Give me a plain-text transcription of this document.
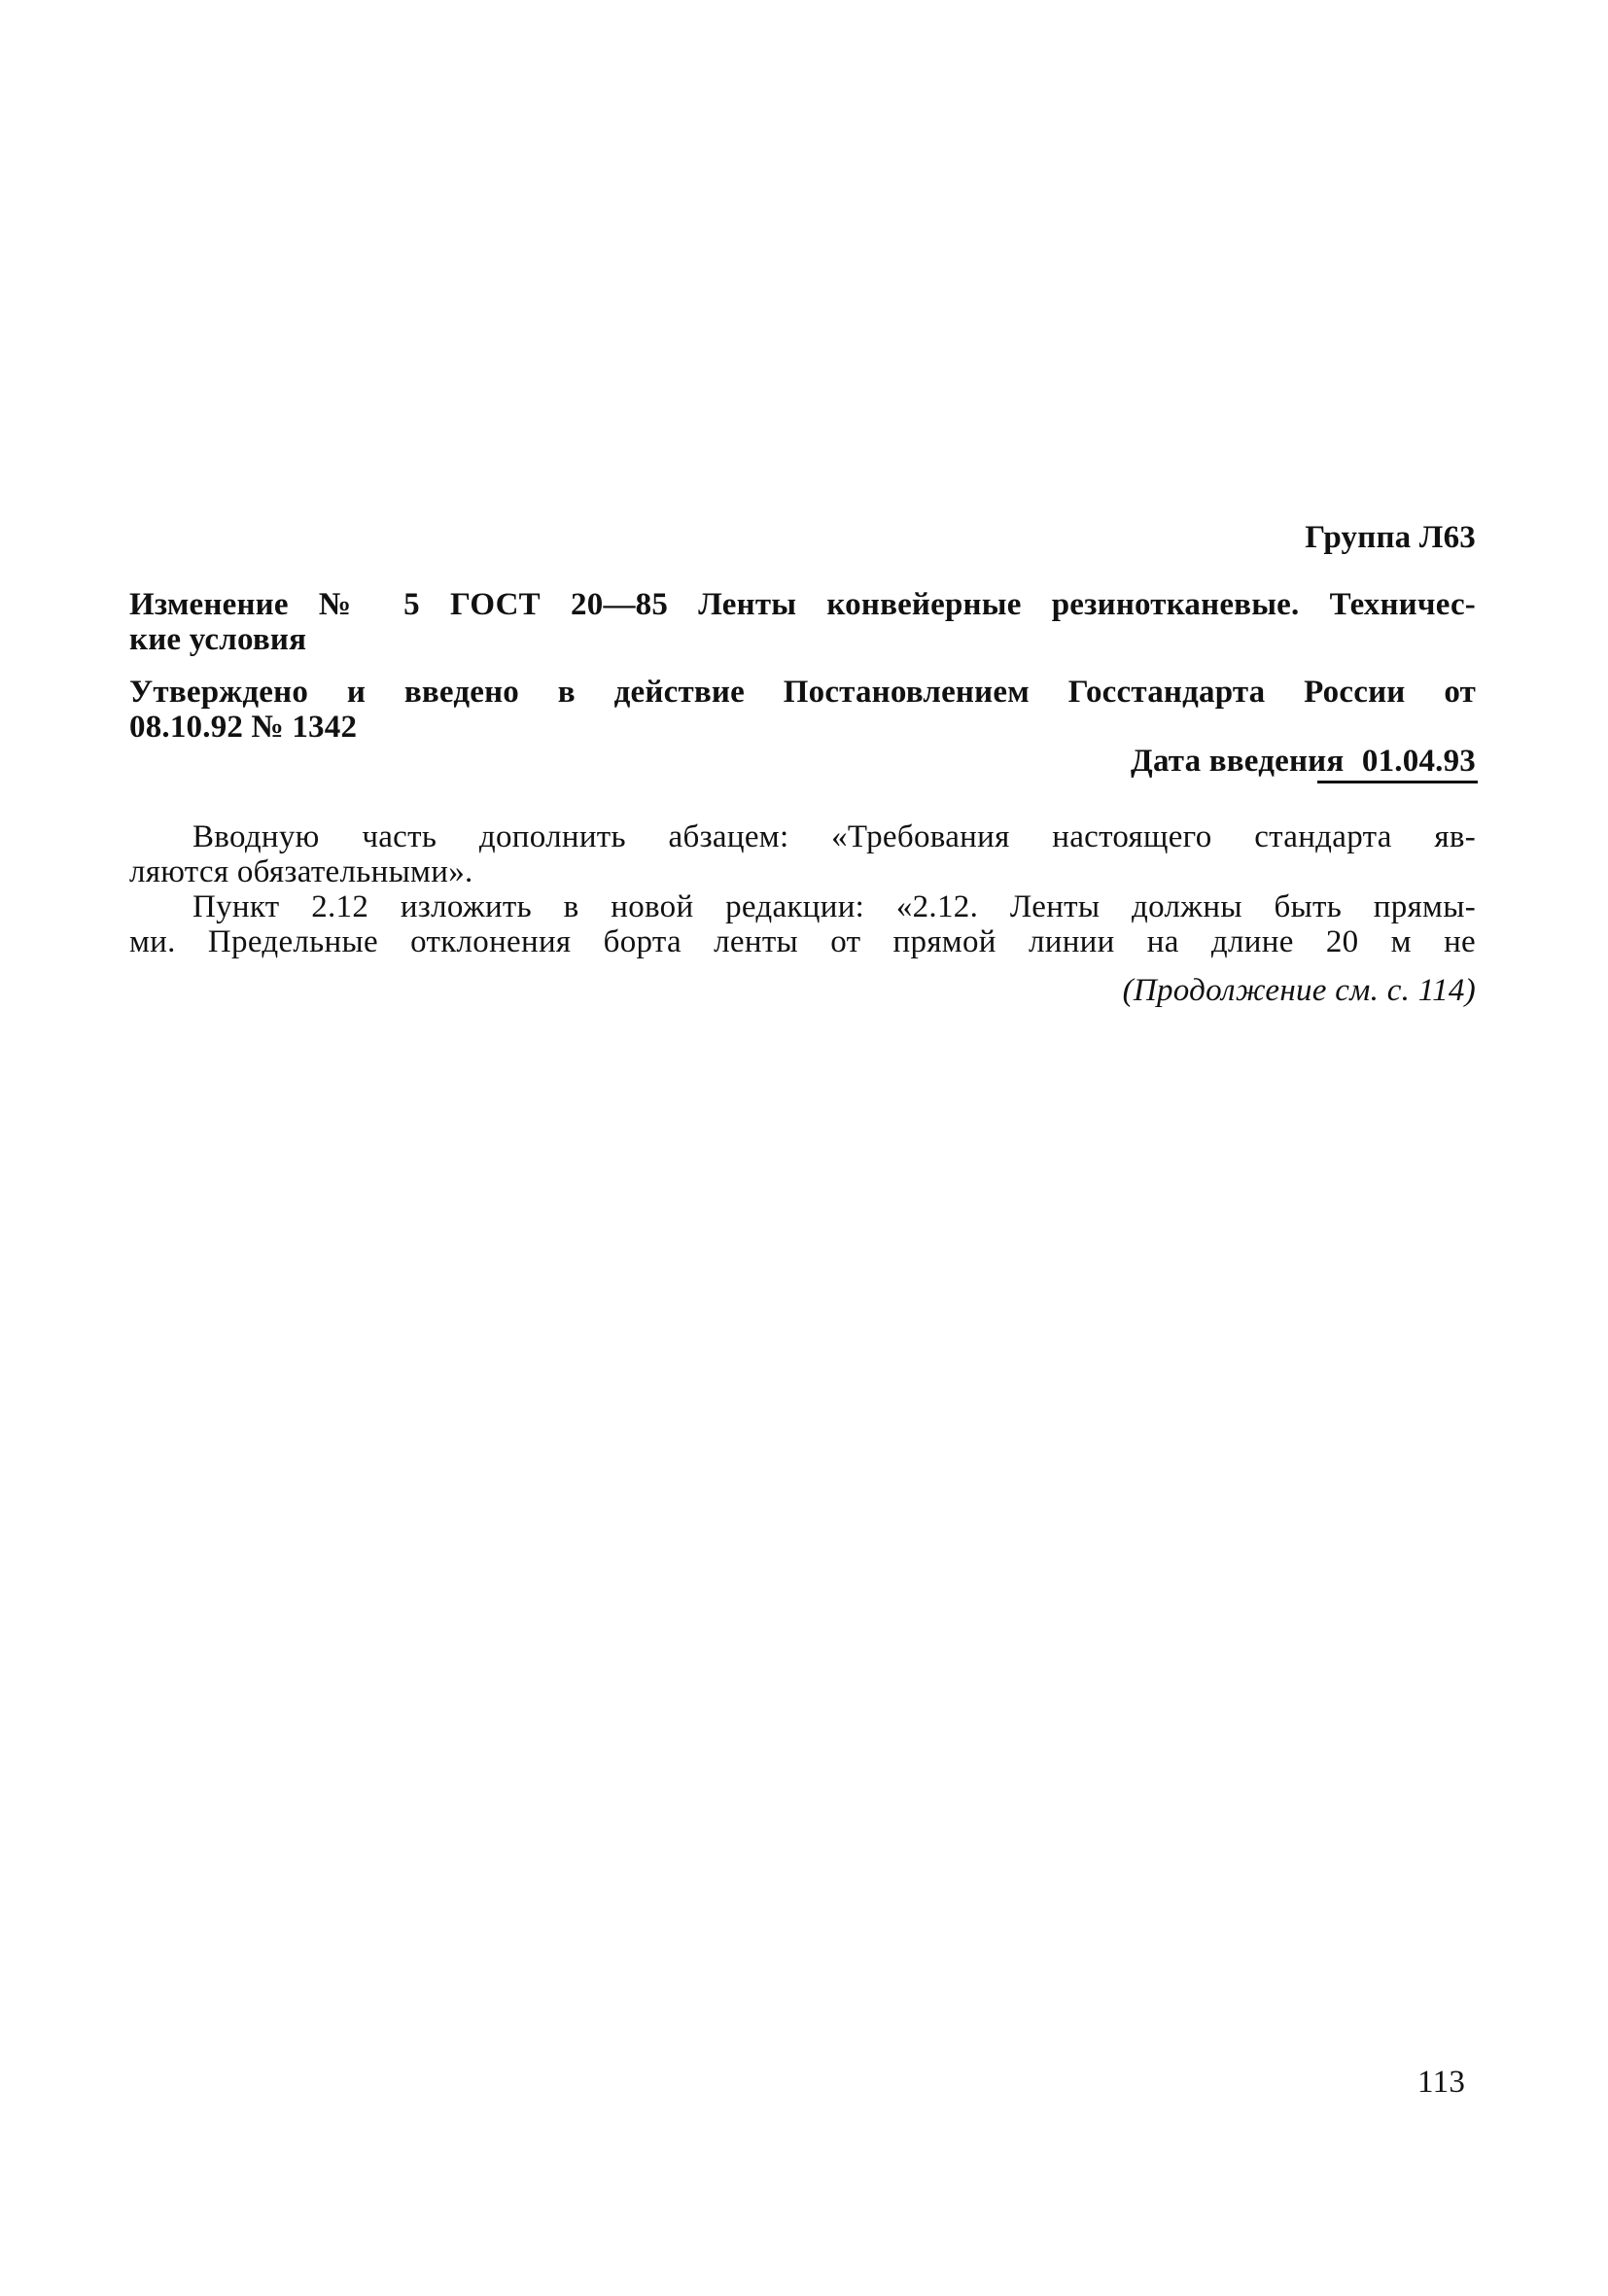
Группа Л63
Изменение № 5 ГОСТ 20—85 Ленты конвейерные резинотканевые. Техничес-
кие условия
Утверждено и введено в действие Постановлением Госстандарта России от
08.10.92 № 1342
Дата введения 01.04.93
Вводную часть дополнить абзацем: «Требования настоящего стандарта яв-
ляются обязательными».
Пункт 2.12 изложить в новой редакции: «2.12. Ленты должны быть прямы-
ми. Предельные отклонения борта ленты от прямой линии на длине 20 м не
(Продолжение см. с. 114)
113
